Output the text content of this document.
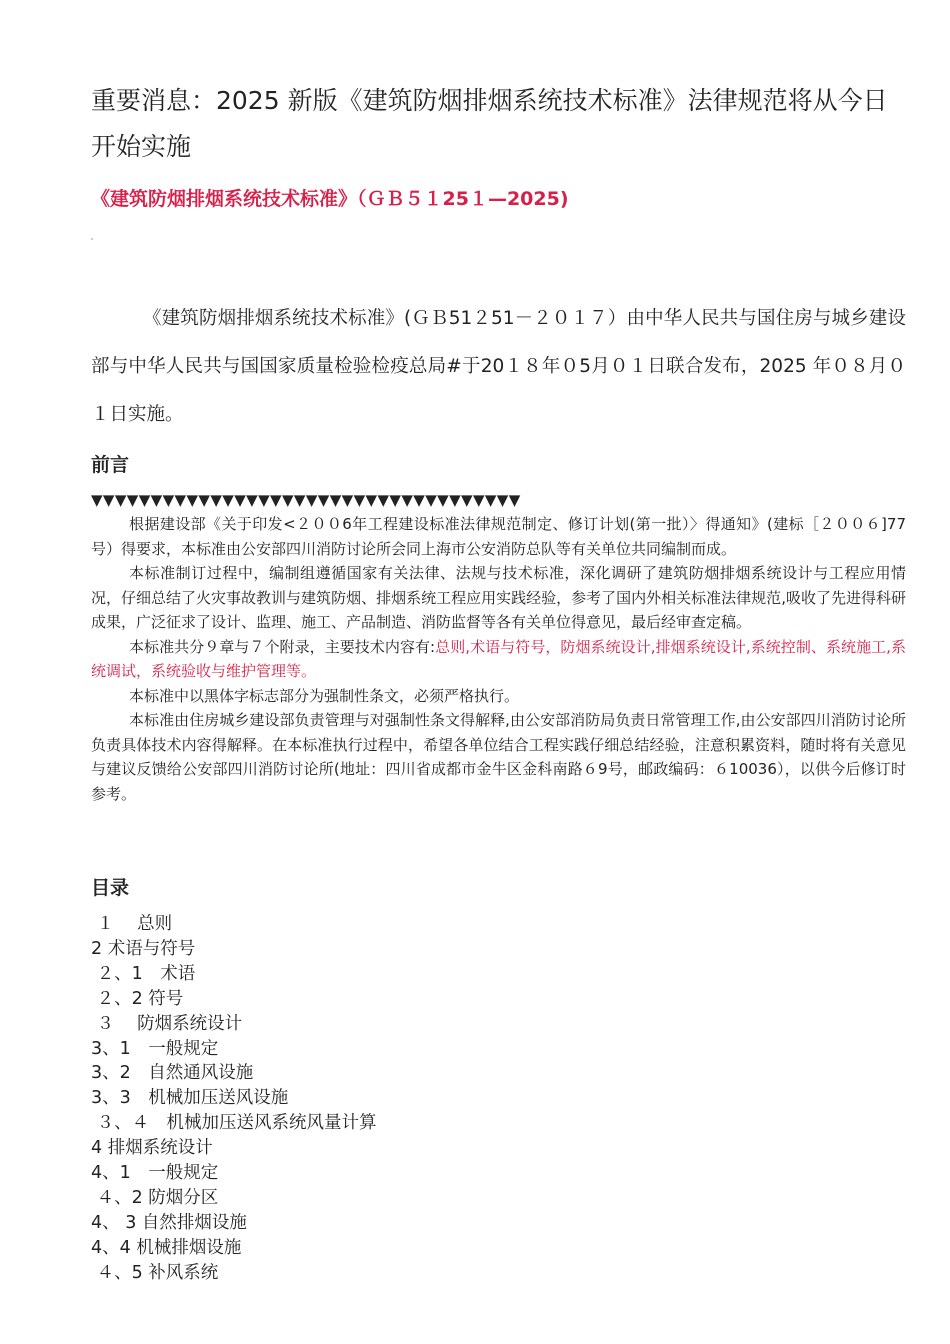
重要消息：2025 新版《建筑防烟排烟系统技术标准》法律规范将从今日开始实施
《建筑防烟排烟系统技术标准》（ＧＢ５１25１—2025)

《建筑防烟排烟系统技术标准》(ＧＢ51２51－２０１７）由中华人民共与国住房与城乡建设部与中华人民共与国国家质量检验检疫总局#于20１８年０5月０１日联合发布，2025 年０８月０１日实施。

前言
▼▼▼▼▼▼▼▼▼▼▼▼▼▼▼▼▼▼▼▼▼▼▼▼▼▼▼▼▼▼▼▼▼▼▼▼

根据建设部《关于印发<２００6年工程建设标准法律规范制定、修订计划(第一批）〉得通知》(建标［２００６]77 号）得要求，本标准由公安部四川消防讨论所会同上海市公安消防总队等有关单位共同编制而成。

本标准制订过程中，编制组遵循国家有关法律、法规与技术标准，深化调研了建筑防烟排烟系统设计与工程应用情况，仔细总结了火灾事故教训与建筑防烟、排烟系统工程应用实践经验，参考了国内外相关标准法律规范,吸收了先进得科研成果，广泛征求了设计、监理、施工、产品制造、消防监督等各有关单位得意见，最后经审查定稿。

本标准共分９章与７个附录，主要技术内容有:总则,术语与符号，防烟系统设计,排烟系统设计,系统控制、系统施工,系统调试，系统验收与维护管理等。

本标准中以黑体字标志部分为强制性条文，必须严格执行。

本标准由住房城乡建设部负责管理与对强制性条文得解释,由公安部消防局负责日常管理工作,由公安部四川消防讨论所负责具体技术内容得解释。在本标准执行过程中，希望各单位结合工程实践仔细总结经验，注意积累资料，随时将有关意见与建议反馈给公安部四川消防讨论所(地址：四川省成都市金牛区金科南路６9号，邮政编码：６10036），以供今后修订时参考。

目录
１　 总则
2 术语与符号
２、1　术语
２、2 符号
３　 防烟系统设计
3、1　一般规定
3、2　自然通风设施
3、3　机械加压送风设施
３、４　机械加压送风系统风量计算
4 排烟系统设计
4、1　一般规定
４、2 防烟分区
4、 3 自然排烟设施
4、4 机械排烟设施
４、5 补风系统
